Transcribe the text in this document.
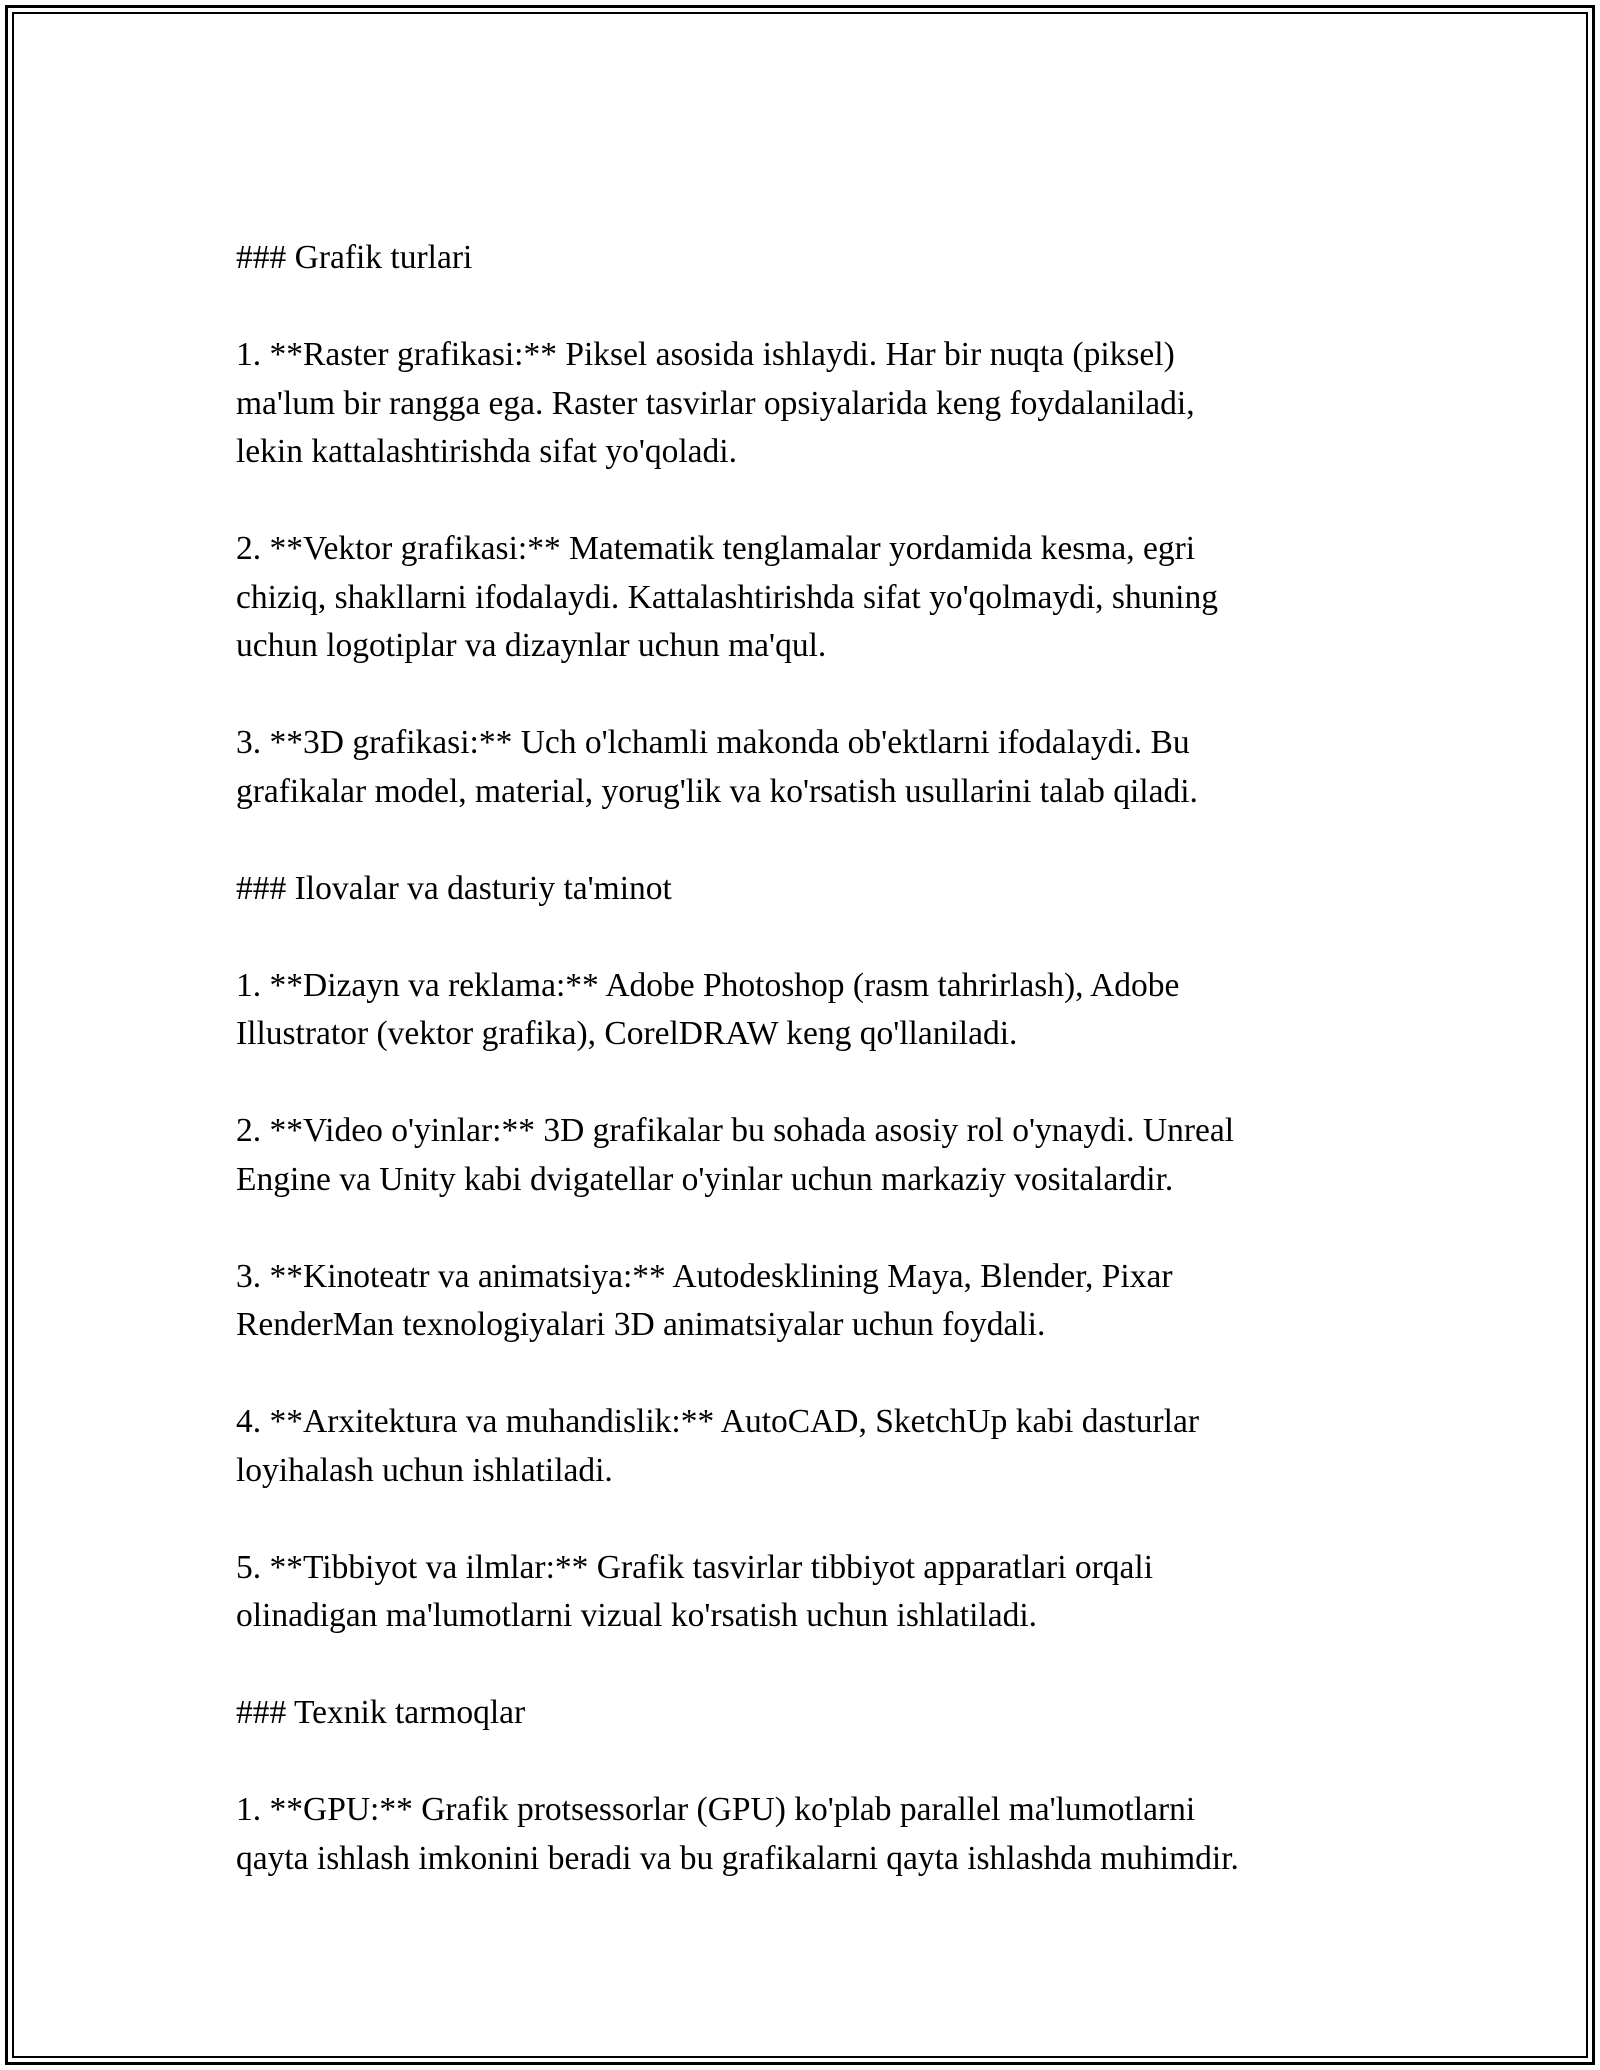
### Grafik turlari
1. **Raster grafikasi:** Piksel asosida ishlaydi. Har bir nuqta (piksel)
ma'lum bir rangga ega. Raster tasvirlar opsiyalarida keng foydalaniladi,
lekin kattalashtirishda sifat yo'qoladi.
2. **Vektor grafikasi:** Matematik tenglamalar yordamida kesma, egri
chiziq, shakllarni ifodalaydi. Kattalashtirishda sifat yo'qolmaydi, shuning
uchun logotiplar va dizaynlar uchun ma'qul.
3. **3D grafikasi:** Uch o'lchamli makonda ob'ektlarni ifodalaydi. Bu
grafikalar model, material, yorug'lik va ko'rsatish usullarini talab qiladi.
### Ilovalar va dasturiy ta'minot
1. **Dizayn va reklama:** Adobe Photoshop (rasm tahrirlash), Adobe
Illustrator (vektor grafika), CorelDRAW keng qo'llaniladi.
2. **Video o'yinlar:** 3D grafikalar bu sohada asosiy rol o'ynaydi. Unreal
Engine va Unity kabi dvigatellar o'yinlar uchun markaziy vositalardir.
3. **Kinoteatr va animatsiya:** Autodesklining Maya, Blender, Pixar
RenderMan texnologiyalari 3D animatsiyalar uchun foydali.
4. **Arxitektura va muhandislik:** AutoCAD, SketchUp kabi dasturlar
loyihalash uchun ishlatiladi.
5. **Tibbiyot va ilmlar:** Grafik tasvirlar tibbiyot apparatlari orqali
olinadigan ma'lumotlarni vizual ko'rsatish uchun ishlatiladi.
### Texnik tarmoqlar
1. **GPU:** Grafik protsessorlar (GPU) ko'plab parallel ma'lumotlarni
qayta ishlash imkonini beradi va bu grafikalarni qayta ishlashda muhimdir.
